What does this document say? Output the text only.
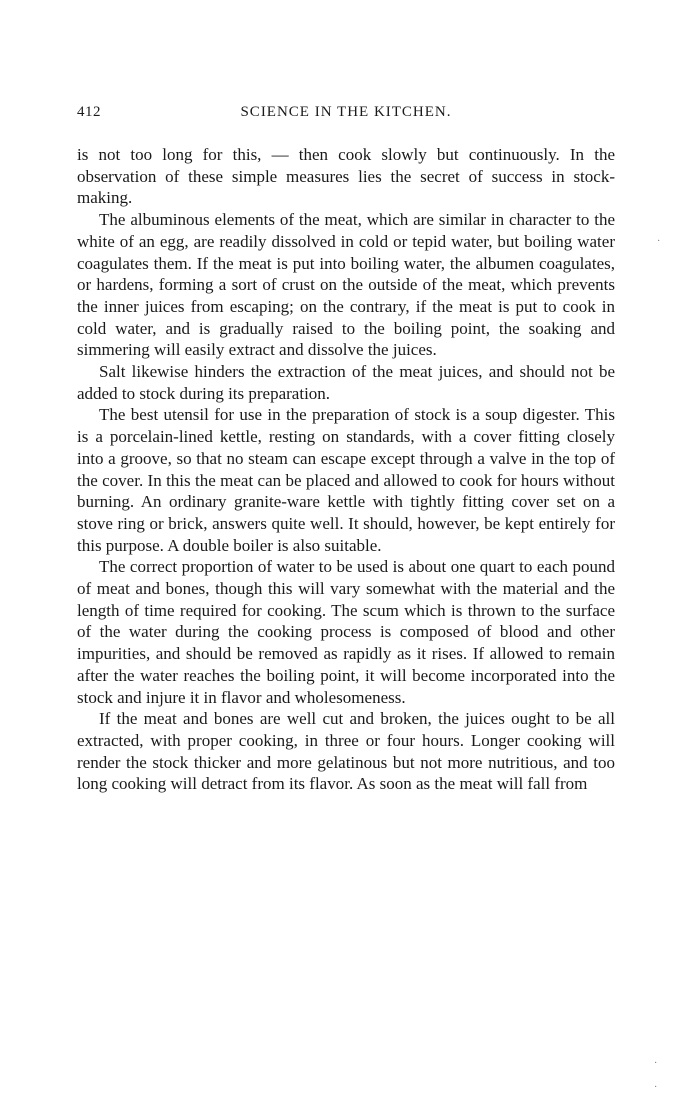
412	SCIENCE IN THE KITCHEN.

is not too long for this, — then cook slowly but continuously. In the observation of these simple measures lies the secret of success in stock-making.

The albuminous elements of the meat, which are similar in character to the white of an egg, are readily dissolved in cold or tepid water, but boiling water coagulates them. If the meat is put into boiling water, the albumen coagulates, or hardens, forming a sort of crust on the outside of the meat, which prevents the inner juices from escaping; on the contrary, if the meat is put to cook in cold water, and is gradually raised to the boiling point, the soaking and simmering will easily extract and dissolve the juices.

Salt likewise hinders the extraction of the meat juices, and should not be added to stock during its preparation.

The best utensil for use in the preparation of stock is a soup digester. This is a porcelain-lined kettle, resting on standards, with a cover fitting closely into a groove, so that no steam can escape except through a valve in the top of the cover. In this the meat can be placed and allowed to cook for hours without burning. An ordinary granite-ware kettle with tightly fitting cover set on a stove ring or brick, answers quite well. It should, however, be kept entirely for this purpose. A double boiler is also suitable.

The correct proportion of water to be used is about one quart to each pound of meat and bones, though this will vary somewhat with the material and the length of time required for cooking. The scum which is thrown to the surface of the water during the cooking process is composed of blood and other impurities, and should be removed as rapidly as it rises. If allowed to remain after the water reaches the boiling point, it will become incorporated into the stock and injure it in flavor and wholesomeness.

If the meat and bones are well cut and broken, the juices ought to be all extracted, with proper cooking, in three or four hours. Longer cooking will render the stock thicker and more gelatinous but not more nutritious, and too long cooking will detract from its flavor. As soon as the meat will fall from

·
·
·
